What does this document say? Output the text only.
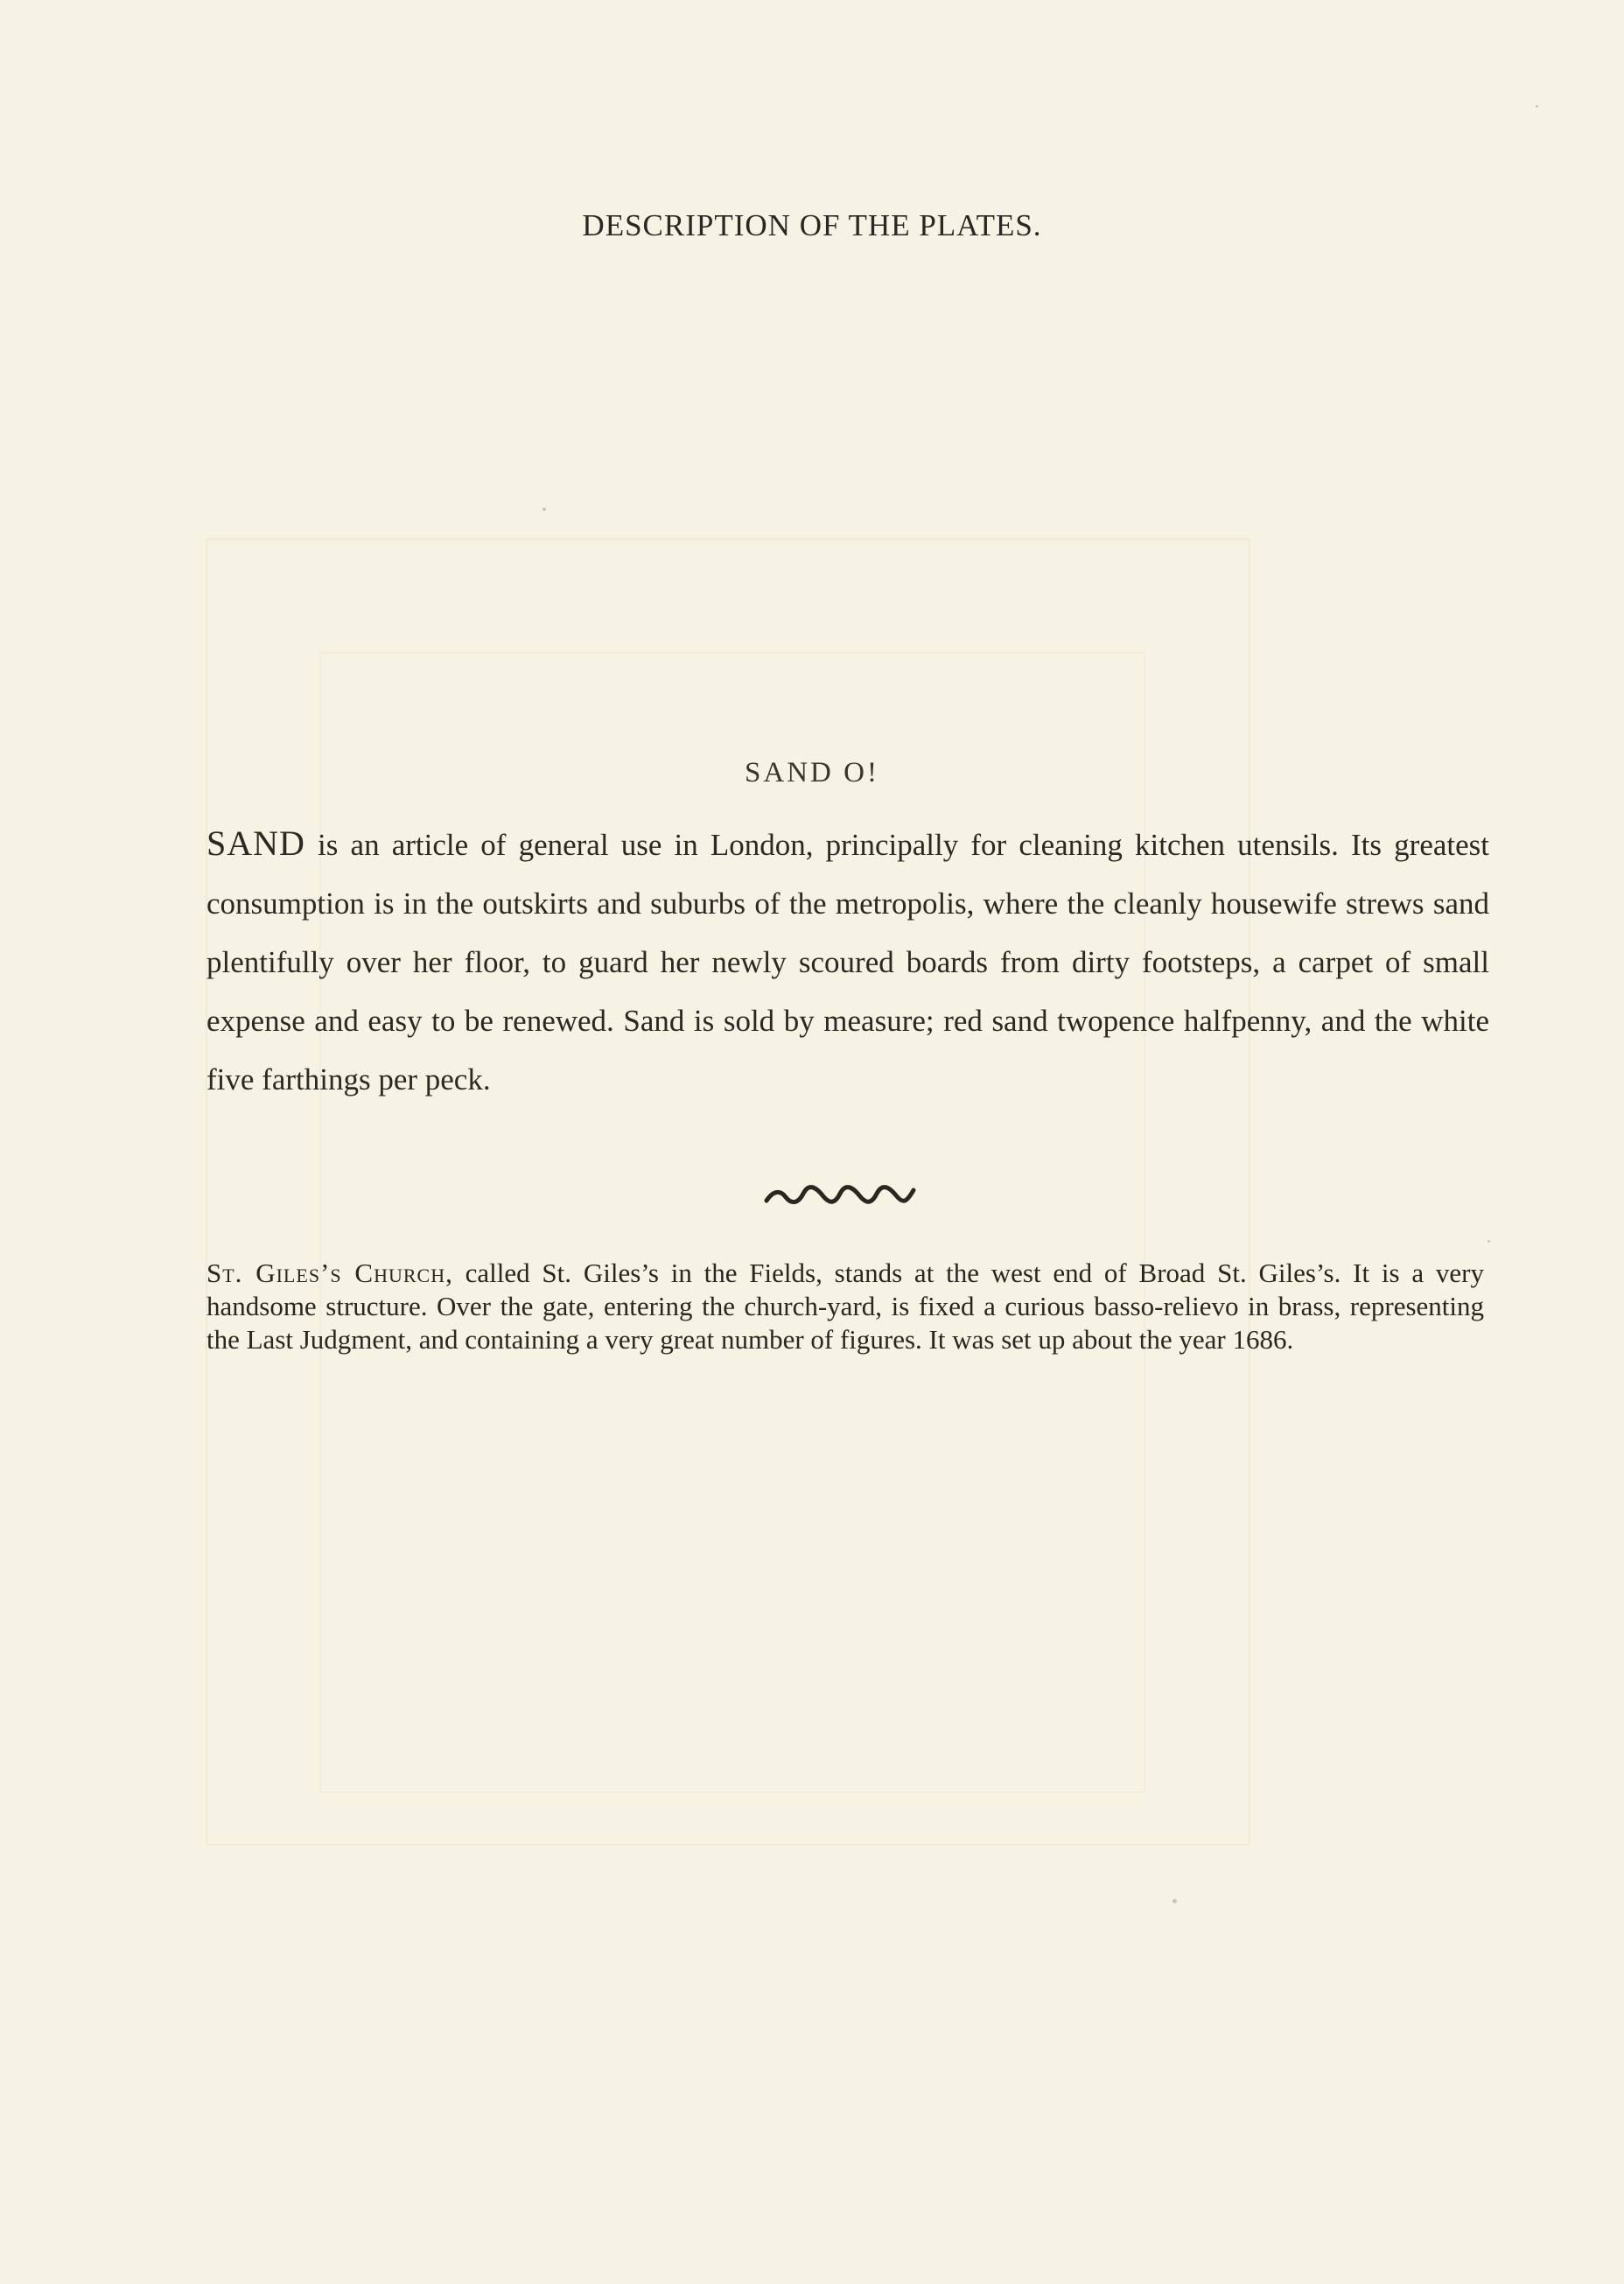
DESCRIPTION OF THE PLATES.
SAND O!

SAND is an article of general use in London, principally for cleaning kitchen utensils. Its greatest consumption is in the outskirts and suburbs of the metropolis, where the cleanly housewife strews sand plentifully over her floor, to guard her newly scoured boards from dirty footsteps, a carpet of small expense and easy to be renewed. Sand is sold by measure; red sand twopence halfpenny, and the white five farthings per peck.

St. Giles’s Church, called St. Giles’s in the Fields, stands at the west end of Broad St. Giles’s. It is a very handsome structure. Over the gate, entering the church-yard, is fixed a curious basso-relievo in brass, representing the Last Judgment, and containing a very great number of figures. It was set up about the year 1686.
